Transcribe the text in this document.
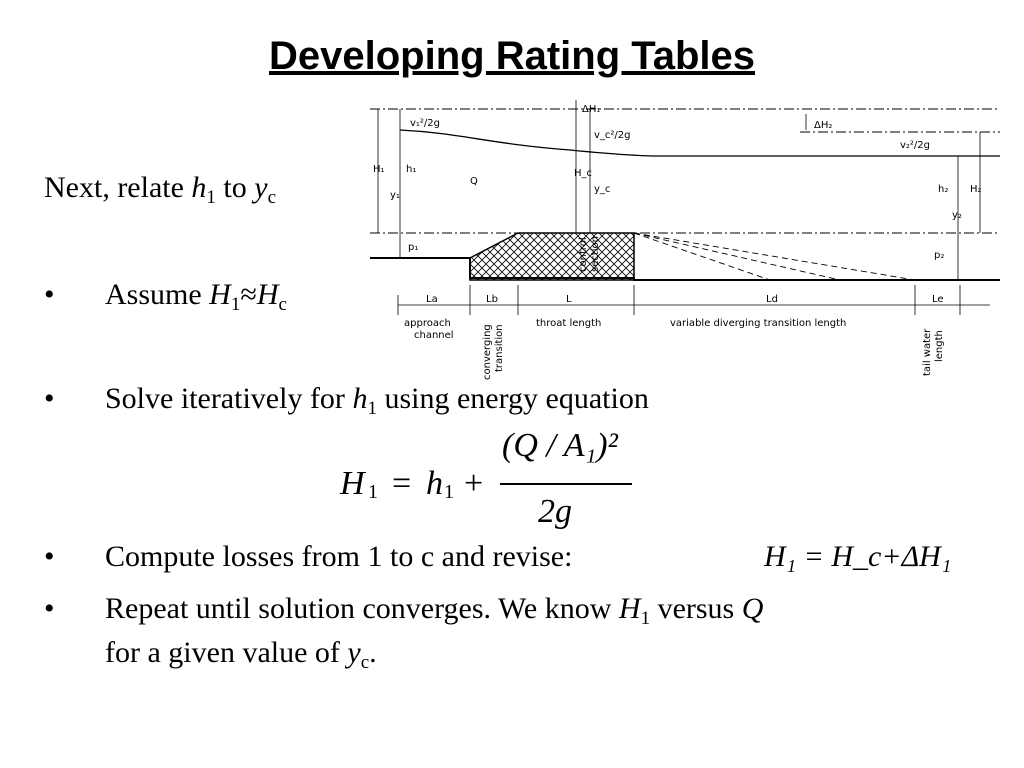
Developing Rating Tables
Next, relate $h_1$ to $y_c$
• Assume $H_1\approx H_c$
• Solve iteratively for $h_1$ using energy equation
H 1 = h 1 +
(Q / A₁)²
2g
• Compute losses from 1 to c and revise:	H₁ = H_c+ΔH₁
• Repeat until solution converges. We know $H_1$ versus Q
for a given value of $y_c$.
v₁²/2g
ΔH₁
ΔH₂
v_c²/2g
v₂²/2g
H₁ h₁
y₁
H_c
y_c
Q
p₁
h₂ H₂
y₂
p₂
La	Lb	L	Ld	Le
approach
channel
throat length	variable diverging transition length
control section
converging transition	tail water length
